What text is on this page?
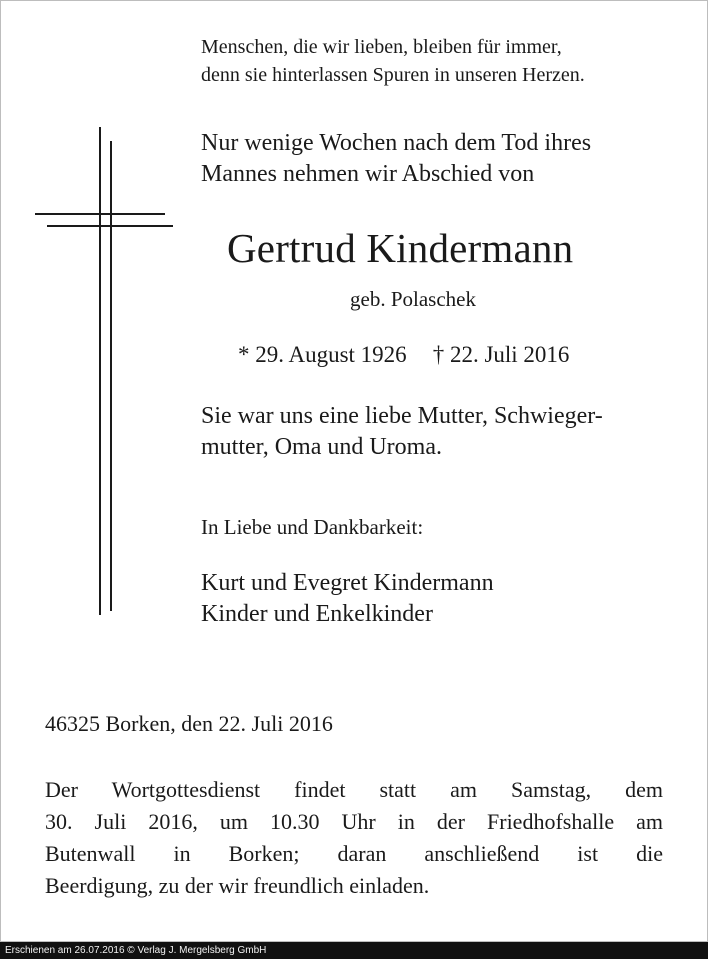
Menschen, die wir lieben, bleiben für immer,
denn sie hinterlassen Spuren in unseren Herzen.

Nur wenige Wochen nach dem Tod ihres
Mannes nehmen wir Abschied von

Gertrud Kindermann

geb. Polaschek

* 29. August 1926 † 22. Juli 2016

Sie war uns eine liebe Mutter, Schwieger-
mutter, Oma und Uroma.

In Liebe und Dankbarkeit:

Kurt und Evegret Kindermann
Kinder und Enkelkinder

46325 Borken, den 22. Juli 2016

Der Wortgottesdienst findet statt am Samstag, dem
30. Juli 2016, um 10.30 Uhr in der Friedhofshalle am
Butenwall in Borken; daran anschließend ist die
Beerdigung, zu der wir freundlich einladen.

Erschienen am 26.07.2016 © Verlag J. Mergelsberg GmbH
